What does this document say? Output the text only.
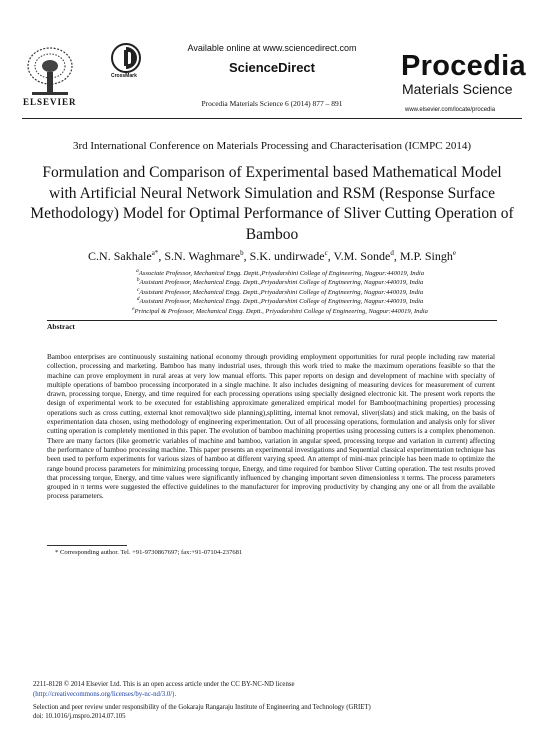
ELSEVIER
CrossMark
Available online at www.sciencedirect.com
ScienceDirect
Procedia Materials Science 6 (2014) 877 – 891
Procedia
Materials Science
www.elsevier.com/locate/procedia
3rd International Conference on Materials Processing and Characterisation (ICMPC 2014)
Formulation and Comparison of Experimental based Mathematical Model with Artificial Neural Network Simulation and RSM (Response Surface Methodology) Model for Optimal Performance of Sliver Cutting Operation of Bamboo
C.N. Sakhale$^{a*}$, S.N. Waghmare$^b$, S.K. undirwade$^c$, V.M. Sonde$^d$, M.P. Singh$^e$
$^a$Associate Professor, Mechanical Engg. Deptt.,Priyadarshini College of Engineering, Nagpur:440019, India
$^b$Assistant Professor, Mechanical Engg. Deptt.,Priyadarshini College of Engineering, Nagpur:440019, India
$^c$Assistant Professor, Mechanical Engg. Deptt.,Priyadarshini College of Engineering, Nagpur:440019, India
$^d$Assistant Professor, Mechanical Engg. Deptt.,Priyadarshini College of Engineering, Nagpur:440019, India
$^e$Principal & Professor, Mechanical Engg. Deptt., Priyadarshini College of Engineering, Nagpur:440019, India
Abstract
Bamboo enterprises are continuously sustaining national economy through providing employment opportunities for rural people including raw material collection, processing and marketing. Bamboo has many industrial uses, through this work tried to make the maximum operations feasible so that the machine can prove employment in rural areas at very low manual efforts. This paper reports on design and development of machine with specialty of multiple operations of bamboo processing incorporated in a single machine. It also includes designing of measuring devices for measurement of current drawn, processing torque, Energy, and time required for each processing operations using specially designed electronic kit. The present work reports the design of experimental work to be executed for establishing approximate generalized empirical model for Bamboo(machining properties) processing operations such as cross cutting, external knot removal(two side planning),splitting, internal knot removal, sliver(slats) and stick making, on the basis of experimentation data chosen, using methodology of engineering experimentation. Out of all processing operations, formulation and analysis only for sliver cutting operation is completely mentioned in this paper. The evolution of bamboo machining properties using processing cutters is a complex phenomenon. There are many factors (like geometric variables of machine and bamboo, variation in angular speed, processing torque and variation in current) affecting the performance of bamboo processing machine. This paper presents an experimental investigations and Sequential classical experimentation technique has been used to perform experiments for various sizes of bamboo at different varying speed. An attempt of mini-max principle has been made to optimize the range bound process parameters for minimizing processing torque, Energy, and time required for bamboo Sliver Cutting operation. The test results proved that processing torque, Energy, and time values were significantly influenced by changing important seven dimensionless π terms. The process parameters grouped in π terms were suggested the effective guidelines to the manufacturer for improving productivity by changing any one or all from the available process parameters.
* Corresponding author. Tel. +91-9730867697; fax:+91-07104-237681
2211-8128 © 2014 Elsevier Ltd. This is an open access article under the CC BY-NC-ND license
(http://creativecommons.org/licenses/by-nc-nd/3.0/).
Selection and peer review under responsibility of the Gokaraju Rangaraju Institute of Engineering and Technology (GRIET)
doi: 10.1016/j.mspro.2014.07.105
